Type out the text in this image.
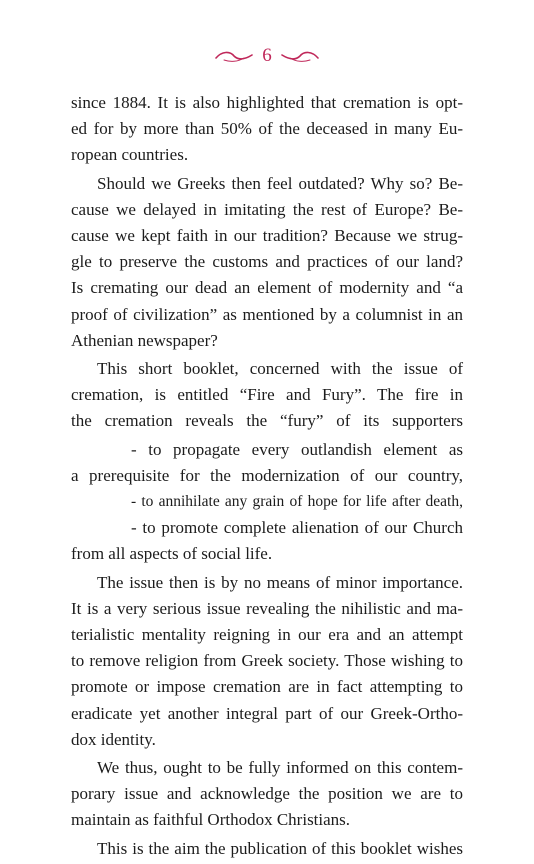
6
since 1884. It is also highlighted that cremation is opt-
ed for by more than 50% of the deceased in many Eu-
ropean countries.
Should we Greeks then feel outdated? Why so? Be-
cause we delayed in imitating the rest of Europe? Be-
cause we kept faith in our tradition? Because we strug-
gle to preserve the customs and practices of our land?
Is cremating our dead an element of modernity and “a
proof of civilization” as mentioned by a columnist in an
Athenian newspaper?
This short booklet, concerned with the issue of
cremation, is entitled “Fire and Fury”. The fire in
the cremation reveals the “fury” of its supporters
- to propagate every outlandish element as
a prerequisite for the modernization of our country,
- to annihilate any grain of hope for life after death,
- to promote complete alienation of our Church
from all aspects of social life.
The issue then is by no means of minor importance.
It is a very serious issue revealing the nihilistic and ma-
terialistic mentality reigning in our era and an attempt
to remove religion from Greek society. Those wishing to
promote or impose cremation are in fact attempting to
eradicate yet another integral part of our Greek-Ortho-
dox identity.
We thus, ought to be fully informed on this contem-
porary issue and acknowledge the position we are to
maintain as faithful Orthodox Christians.
This is the aim the publication of this booklet wishes
